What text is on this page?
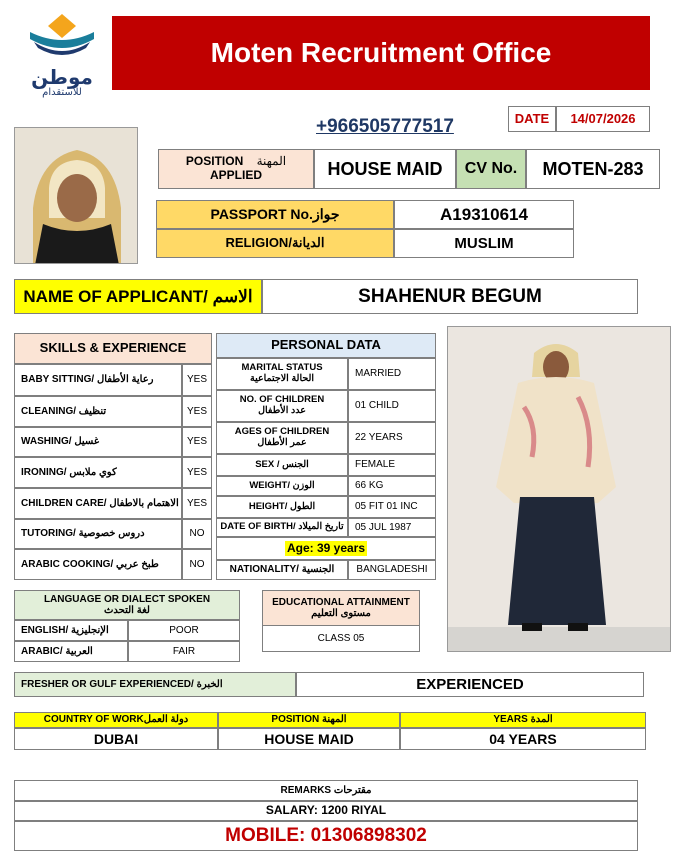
موطن
للاستقدام
Moten Recruitment Office
+966505777517	DATE	14/07/2026
POSITION المهنة
APPLIED	HOUSE MAID	CV No.	MOTEN-283
PASSPORT No.جواز	A19310614
RELIGION/الديانة	MUSLIM
NAME OF APPLICANT/ الاسم	SHAHENUR BEGUM
SKILLS & EXPERIENCE
BABY SITTING/ رعاية الأطفال	YES
CLEANING/ تنظيف	YES
WASHING/ غسيل	YES
IRONING/ كوي ملابس	YES
CHILDREN CARE/ الاهتمام بالاطفال YES
TUTORING/ دروس خصوصية	NO
ARABIC COOKING/ طبخ عربي	NO
PERSONAL DATA
MARITAL STATUS
الحالة الاجتماعية	MARRIED
NO. OF CHILDREN
عدد الأطفال	01 CHILD
AGES OF CHILDREN
عمر الأطفال	22 YEARS
SEX / الجنس	FEMALE
WEIGHT/ الوزن	66 KG
HEIGHT/ الطول	05 FIT 01 INC
DATE OF BIRTH/ تاريخ الميلاد	05 JUL 1987
Age: 39 years
NATIONALITY/ الجنسية	BANGLADESHI
LANGUAGE OR DIALECT SPOKEN
لغة التحدث
ENGLISH/ الإنجليزية	POOR
ARABIC/ العربية	FAIR
EDUCATIONAL ATTAINMENT
مستوى التعليم
CLASS 05
FRESHER OR GULF EXPERIENCED/ الخبرة	EXPERIENCED
COUNTRY OF WORKدولة العمل	POSITION المهنة	YEARS المدة
DUBAI	HOUSE MAID	04 YEARS
REMARKS مقترحات
SALARY: 1200 RIYAL
MOBILE: 01306898302
